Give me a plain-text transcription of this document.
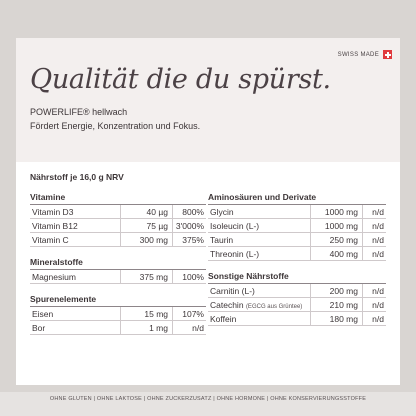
SWISS MADE
Qualität die du spürst.
POWERLIFE® hellwach
Fördert Energie, Konzentration und Fokus.
Nährstoff je 16,0 g NRV
Vitamine
Vitamin D3	40 µg	800%
Vitamin B12	75 µg 3'000%
Vitamin C	300 mg	375%
Mineralstoffe
Magnesium	375 mg	100%
Spurenelemente
Eisen	15 mg	107%
Bor	1 mg	n/d
Aminosäuren und Derivate
Glycin	1000 mg	n/d
Isoleucin (L-)	1000 mg	n/d
Taurin	250 mg	n/d
Threonin (L-)	400 mg	n/d
Sonstige Nährstoffe
Carnitin (L-)	200 mg	n/d
Catechin (EGCG aus Grüntee)	210 mg	n/d
Koffein	180 mg	n/d
OHNE GLUTEN | OHNE LAKTOSE | OHNE ZUCKERZUSATZ | OHNE HORMONE | OHNE KONSERVIERUNGSSTOFFE
